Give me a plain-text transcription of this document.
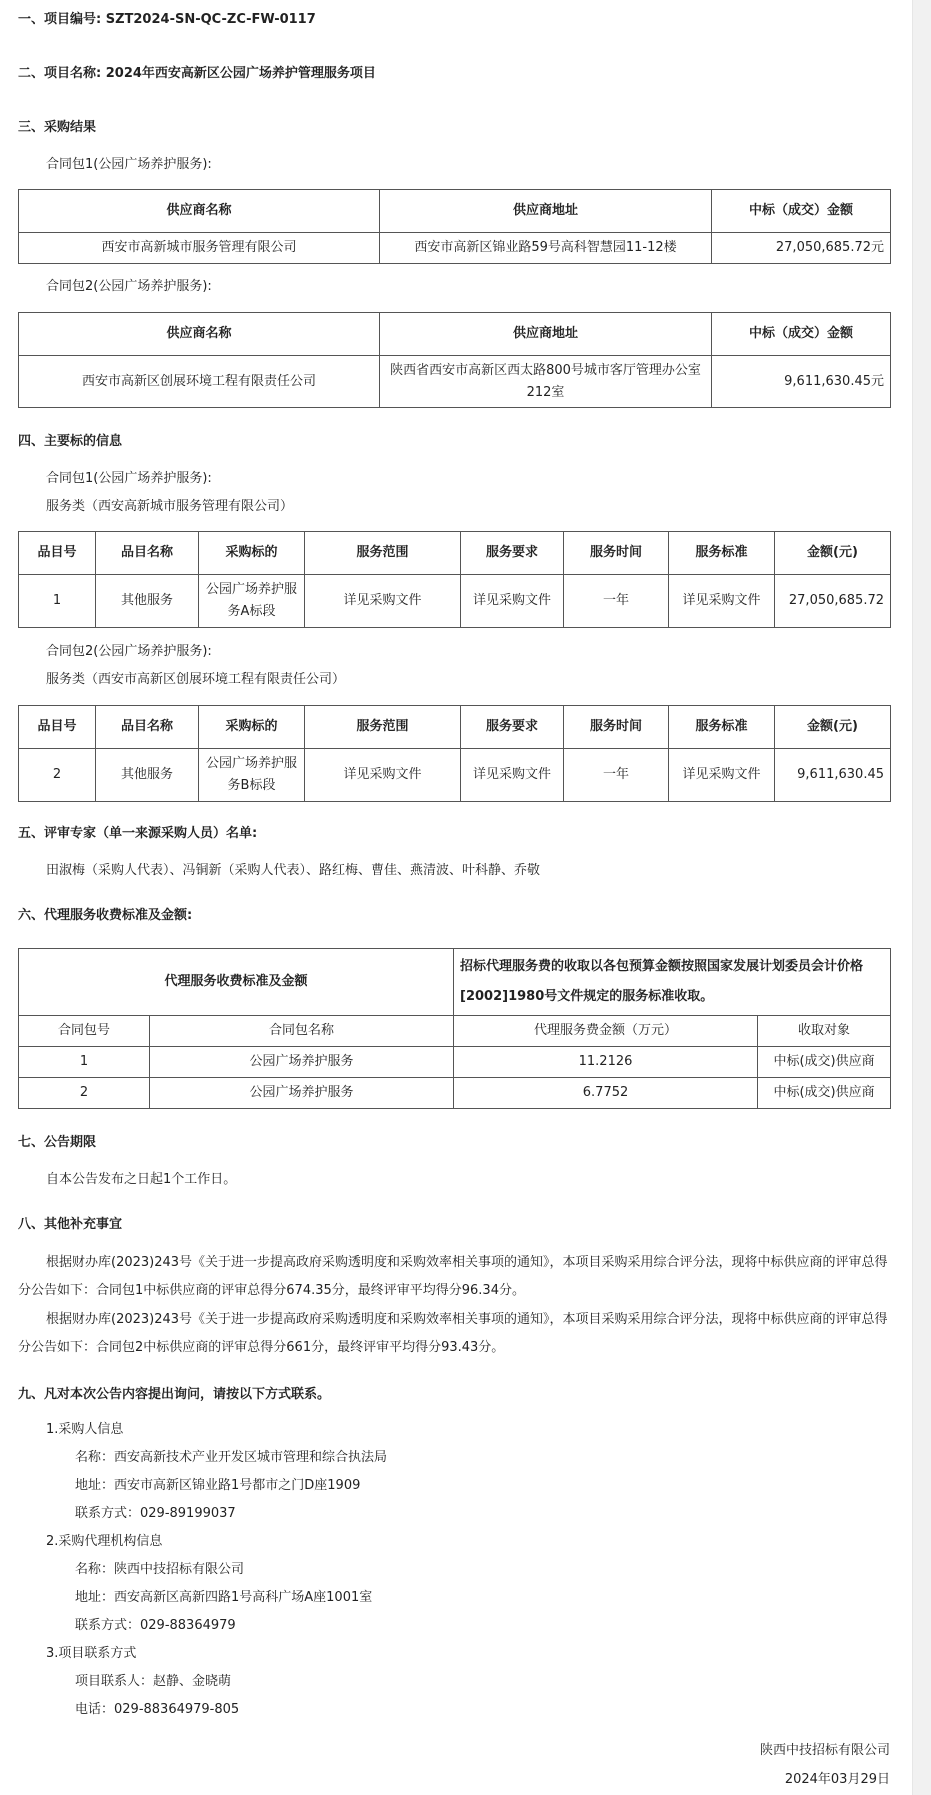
一、项目编号: SZT2024-SN-QC-ZC-FW-0117

二、项目名称: 2024年西安高新区公园广场养护管理服务项目

三、采购结果

合同包1(公园广场养护服务):

供应商名称	供应商地址	中标（成交）金额
西安市高新城市服务管理有限公司	西安市高新区锦业路59号高科智慧园11-12楼	27,050,685.72元

合同包2(公园广场养护服务):

供应商名称	供应商地址	中标（成交）金额
西安市高新区创展环境工程有限责任公司	陕西省西安市高新区西太路800号城市客厅管理办公室212室	9,611,630.45元

四、主要标的信息

合同包1(公园广场养护服务):

服务类（西安高新城市服务管理有限公司）

品目号	品目名称	采购标的	服务范围	服务要求	服务时间	服务标准	金额(元)
1	其他服务	公园广场养护服务A标段	详见采购文件	详见采购文件	一年	详见采购文件	27,050,685.72

合同包2(公园广场养护服务):

服务类（西安市高新区创展环境工程有限责任公司）

品目号	品目名称	采购标的	服务范围	服务要求	服务时间	服务标准	金额(元)
2	其他服务	公园广场养护服务B标段	详见采购文件	详见采购文件	一年	详见采购文件	9,611,630.45

五、评审专家（单一来源采购人员）名单:

田淑梅（采购人代表）、冯铜新（采购人代表）、路红梅、曹佳、燕清波、叶科静、乔敬

六、代理服务收费标准及金额:

代理服务收费标准及金额		招标代理服务费的收取以各包预算金额按照国家发展计划委员会计价格[2002]1980号文件规定的服务标准收取。	
合同包号	合同包名称	代理服务费金额（万元）	收取对象
1	公园广场养护服务	11.2126	中标(成交)供应商
2	公园广场养护服务	6.7752	中标(成交)供应商

七、公告期限

自本公告发布之日起1个工作日。

八、其他补充事宜

根据财办库(2023)243号《关于进一步提高政府采购透明度和采购效率相关事项的通知》，本项目采购采用综合评分法，现将中标供应商的评审总得分公告如下：合同包1中标供应商的评审总得分674.35分，最终评审平均得分96.34分。

根据财办库(2023)243号《关于进一步提高政府采购透明度和采购效率相关事项的通知》，本项目采购采用综合评分法，现将中标供应商的评审总得分公告如下：合同包2中标供应商的评审总得分661分，最终评审平均得分93.43分。

九、凡对本次公告内容提出询问，请按以下方式联系。

1.采购人信息

名称：西安高新技术产业开发区城市管理和综合执法局

地址：西安市高新区锦业路1号都市之门D座1909

联系方式：029-89199037

2.采购代理机构信息

名称：陕西中技招标有限公司

地址：西安高新区高新四路1号高科广场A座1001室

联系方式：029-88364979

3.项目联系方式

项目联系人：赵静、金晓萌

电话：029-88364979-805

陕西中技招标有限公司

2024年03月29日
